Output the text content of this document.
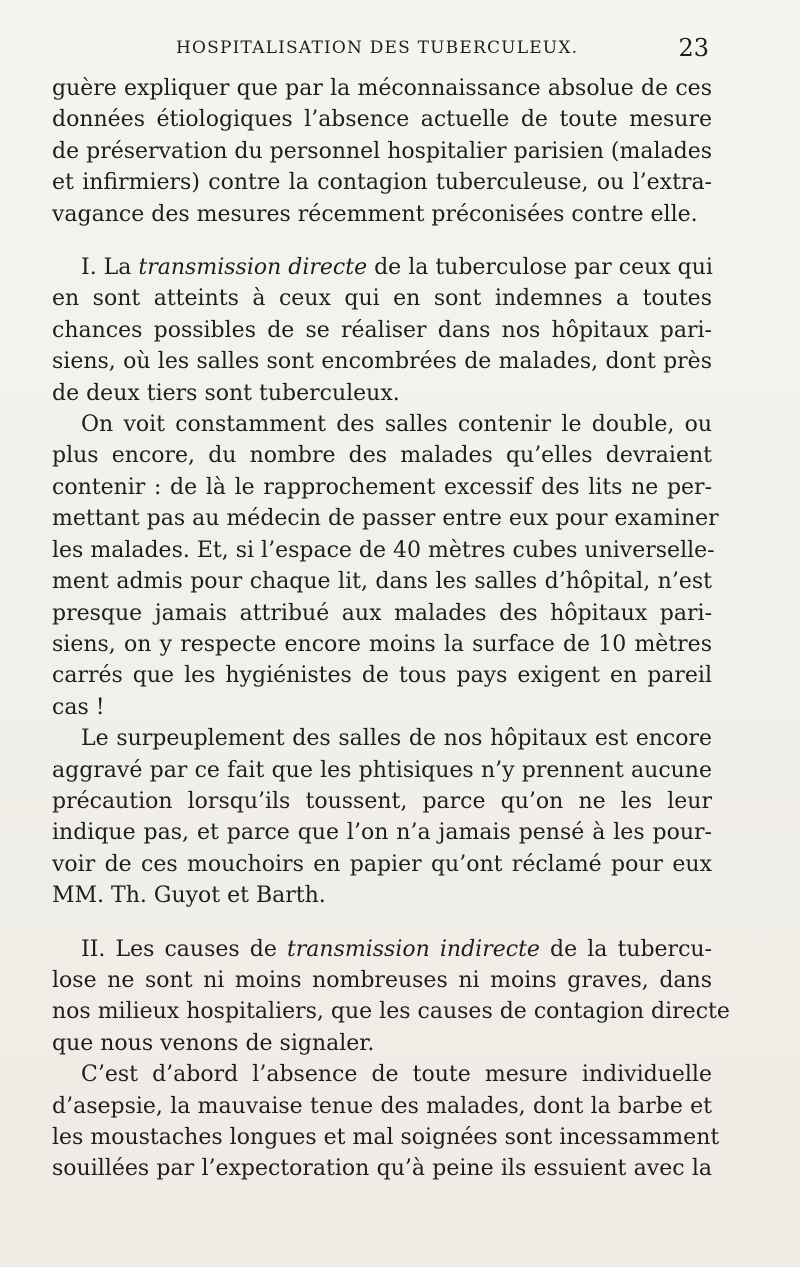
HOSPITALISATION DES TUBERCULEUX.	23

guère expliquer que par la méconnaissance absolue de ces
données étiologiques l’absence actuelle de toute mesure
de préservation du personnel hospitalier parisien (malades
et infirmiers) contre la contagion tuberculeuse, ou l’extra-
vagance des mesures récemment préconisées contre elle.

I. La transmission directe de la tuberculose par ceux qui
en sont atteints à ceux qui en sont indemnes a toutes
chances possibles de se réaliser dans nos hôpitaux pari-
siens, où les salles sont encombrées de malades, dont près
de deux tiers sont tuberculeux.

On voit constamment des salles contenir le double, ou
plus encore, du nombre des malades qu’elles devraient
contenir : de là le rapprochement excessif des lits ne per-
mettant pas au médecin de passer entre eux pour examiner
les malades. Et, si l’espace de 40 mètres cubes universelle-
ment admis pour chaque lit, dans les salles d’hôpital, n’est
presque jamais attribué aux malades des hôpitaux pari-
siens, on y respecte encore moins la surface de 10 mètres
carrés que les hygiénistes de tous pays exigent en pareil
cas !

Le surpeuplement des salles de nos hôpitaux est encore
aggravé par ce fait que les phtisiques n’y prennent aucune
précaution lorsqu’ils toussent, parce qu’on ne les leur
indique pas, et parce que l’on n’a jamais pensé à les pour-
voir de ces mouchoirs en papier qu’ont réclamé pour eux
MM. Th. Guyot et Barth.

II. Les causes de transmission indirecte de la tubercu-
lose ne sont ni moins nombreuses ni moins graves, dans
nos milieux hospitaliers, que les causes de contagion directe
que nous venons de signaler.

C’est d’abord l’absence de toute mesure individuelle
d’asepsie, la mauvaise tenue des malades, dont la barbe et
les moustaches longues et mal soignées sont incessamment
souillées par l’expectoration qu’à peine ils essuient avec la
